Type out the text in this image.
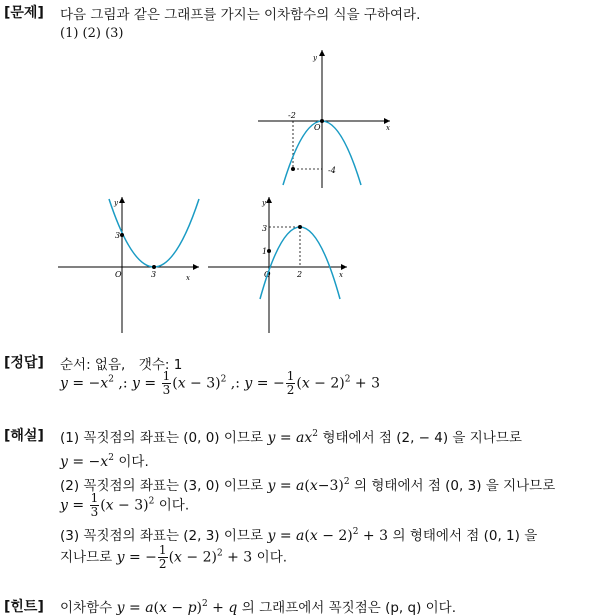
[문제] 다음 그림과 같은 그래프를 가지는 이차함수의 식을 구하여라.
(1) (2) (3)
y
x
O
-2
-4
y
x
O	3
3
y
x
O	2
3
1
[정답] 순서: 없음,　갯수: 1
$y = -x^2$ ,: $y = \frac{1}{3} (x - 3)^2$ ,: y = − $\frac{1}{2} (x - 2)^2 + 3$
[해설] (1) 꼭짓점의 좌표는 (0, 0) 이므로 $y = ax^2$ 형태에서 점 (2, − 4) 을 지나므로
$y = -x^2$ 이다.
(2) 꼭짓점의 좌표는 (3, 0) 이므로 $y = a(x-3)^2$ 의 형태에서 점 (0, 3) 을 지나므로
$y = \frac{1}{3} (x - 3)^2$ 이다.
(3) 꼭짓점의 좌표는 (2, 3) 이므로 $y = a(x - 2)^2 + 3$ 의 형태에서 점 (0, 1) 을
지나므로 y = − $\frac{1}{2} (x - 2)^2 + 3$ 이다.
[힌트] 이차함수 $y = a(x - p)^2 + q$ 의 그래프에서 꼭짓점은 (p, q) 이다.
